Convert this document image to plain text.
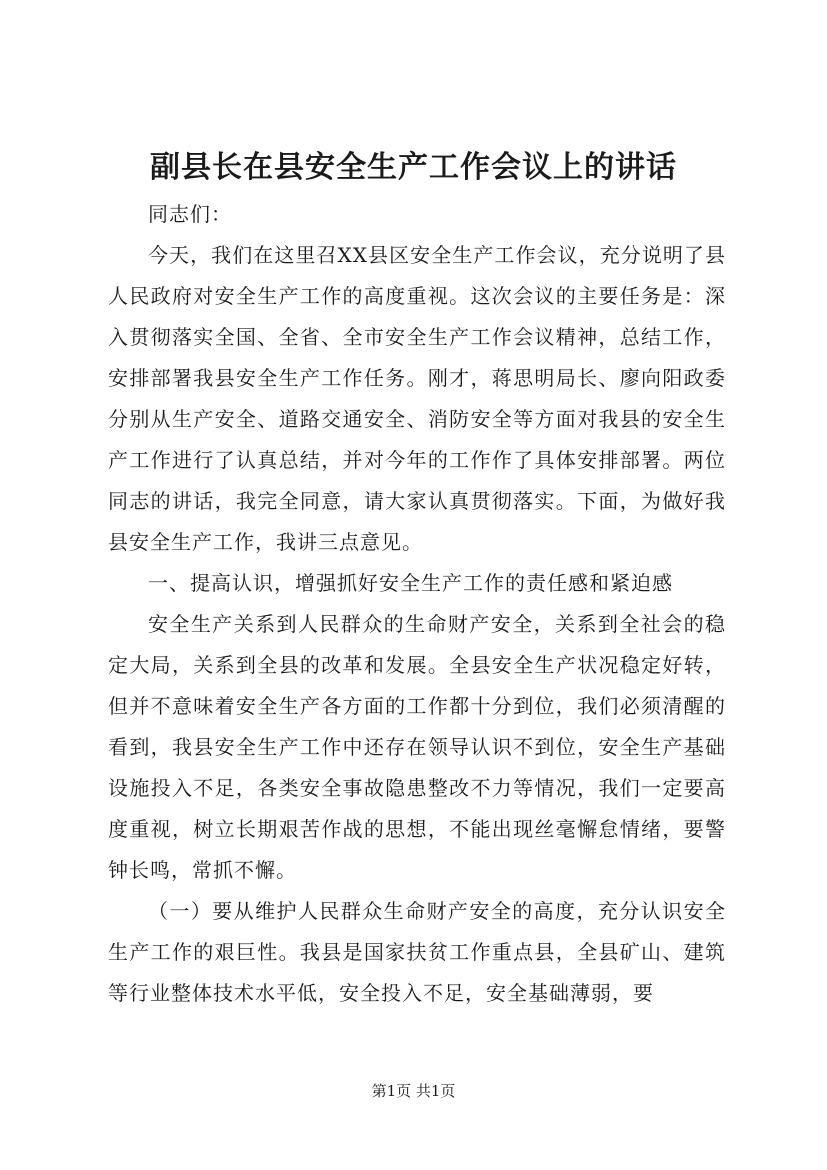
副县长在县安全生产工作会议上的讲话

同志们：

今天，我们在这里召XX县区安全生产工作会议，充分说明了县人民政府对安全生产工作的高度重视。这次会议的主要任务是：深入贯彻落实全国、全省、全市安全生产工作会议精神，总结工作，安排部署我县安全生产工作任务。刚才，蒋思明局长、廖向阳政委分别从生产安全、道路交通安全、消防安全等方面对我县的安全生产工作进行了认真总结，并对今年的工作作了具体安排部署。两位同志的讲话，我完全同意，请大家认真贯彻落实。下面，为做好我县安全生产工作，我讲三点意见。

一、提高认识，增强抓好安全生产工作的责任感和紧迫感

安全生产关系到人民群众的生命财产安全，关系到全社会的稳定大局，关系到全县的改革和发展。全县安全生产状况稳定好转，但并不意味着安全生产各方面的工作都十分到位，我们必须清醒的看到，我县安全生产工作中还存在领导认识不到位，安全生产基础设施投入不足，各类安全事故隐患整改不力等情况，我们一定要高度重视，树立长期艰苦作战的思想，不能出现丝毫懈怠情绪，要警钟长鸣，常抓不懈。

（一）要从维护人民群众生命财产安全的高度，充分认识安全生产工作的艰巨性。我县是国家扶贫工作重点县，全县矿山、建筑等行业整体技术水平低，安全投入不足，安全基础薄弱，要

第1页 共1页
